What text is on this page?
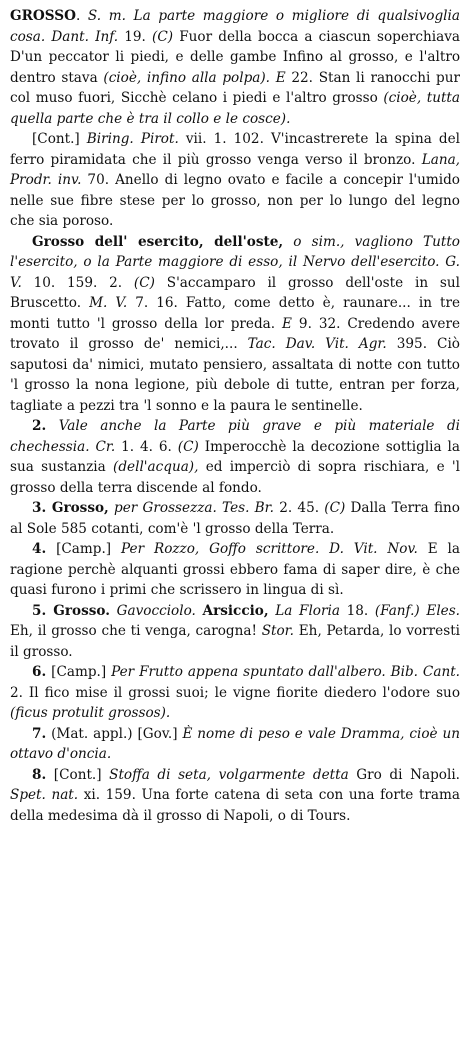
GROSSO. S. m. La parte maggiore o migliore di qualsivoglia cosa. Dant. Inf. 19. (C) Fuor della bocca a ciascun soperchiava D'un peccator li piedi, e delle gambe Infino al grosso, e l'altro dentro stava (cioè, infino alla polpa). E 22. Stan li ranocchi pur col muso fuori, Sicchè celano i piedi e l'altro grosso (cioè, tutta quella parte che è tra il collo e le cosce).

[Cont.] Biring. Pirot. vii. 1. 102. V'incastrerete la spina del ferro piramidata che il più grosso venga verso il bronzo. Lana, Prodr. inv. 70. Anello di legno ovato e facile a concepir l'umido nelle sue fibre stese per lo grosso, non per lo lungo del legno che sia poroso.

Grosso dell' esercito, dell'oste, o sim., vagliono Tutto l'esercito, o la Parte maggiore di esso, il Nervo dell'esercito. G. V. 10. 159. 2. (C) S'accamparo il grosso dell'oste in sul Bruscetto. M. V. 7. 16. Fatto, come detto è, raunare... in tre monti tutto 'l grosso della lor preda. E 9. 32. Credendo avere trovato il grosso de' nemici,... Tac. Dav. Vit. Agr. 395. Ciò saputosi da' nimici, mutato pensiero, assaltata di notte con tutto 'l grosso la nona legione, più debole di tutte, entran per forza, tagliate a pezzi tra 'l sonno e la paura le sentinelle.

2. Vale anche la Parte più grave e più materiale di chechessia. Cr. 1. 4. 6. (C) Imperocchè la decozione sottiglia la sua sustanzia (dell'acqua), ed imperciò di sopra rischiara, e 'l grosso della terra discende al fondo.

3. Grosso, per Grossezza. Tes. Br. 2. 45. (C) Dalla Terra fino al Sole 585 cotanti, com'è 'l grosso della Terra.

4. [Camp.] Per Rozzo, Goffo scrittore. D. Vit. Nov. E la ragione perchè alquanti grossi ebbero fama di saper dire, è che quasi furono i primi che scrissero in lingua di sì.

5. Grosso. Gavocciolo. Arsiccio, La Floria 18. (Fanf.) Eles. Eh, il grosso che ti venga, carogna! Stor. Eh, Petarda, lo vorresti il grosso.

6. [Camp.] Per Frutto appena spuntato dall'albero. Bib. Cant. 2. Il fico mise il grossi suoi; le vigne fiorite diedero l'odore suo (ficus protulit grossos).

7. (Mat. appl.) [Gov.] È nome di peso e vale Dramma, cioè un ottavo d'oncia.

8. [Cont.] Stoffa di seta, volgarmente detta Gro di Napoli. Spet. nat. xi. 159. Una forte catena di seta con una forte trama della medesima dà il grosso di Napoli, o di Tours.
